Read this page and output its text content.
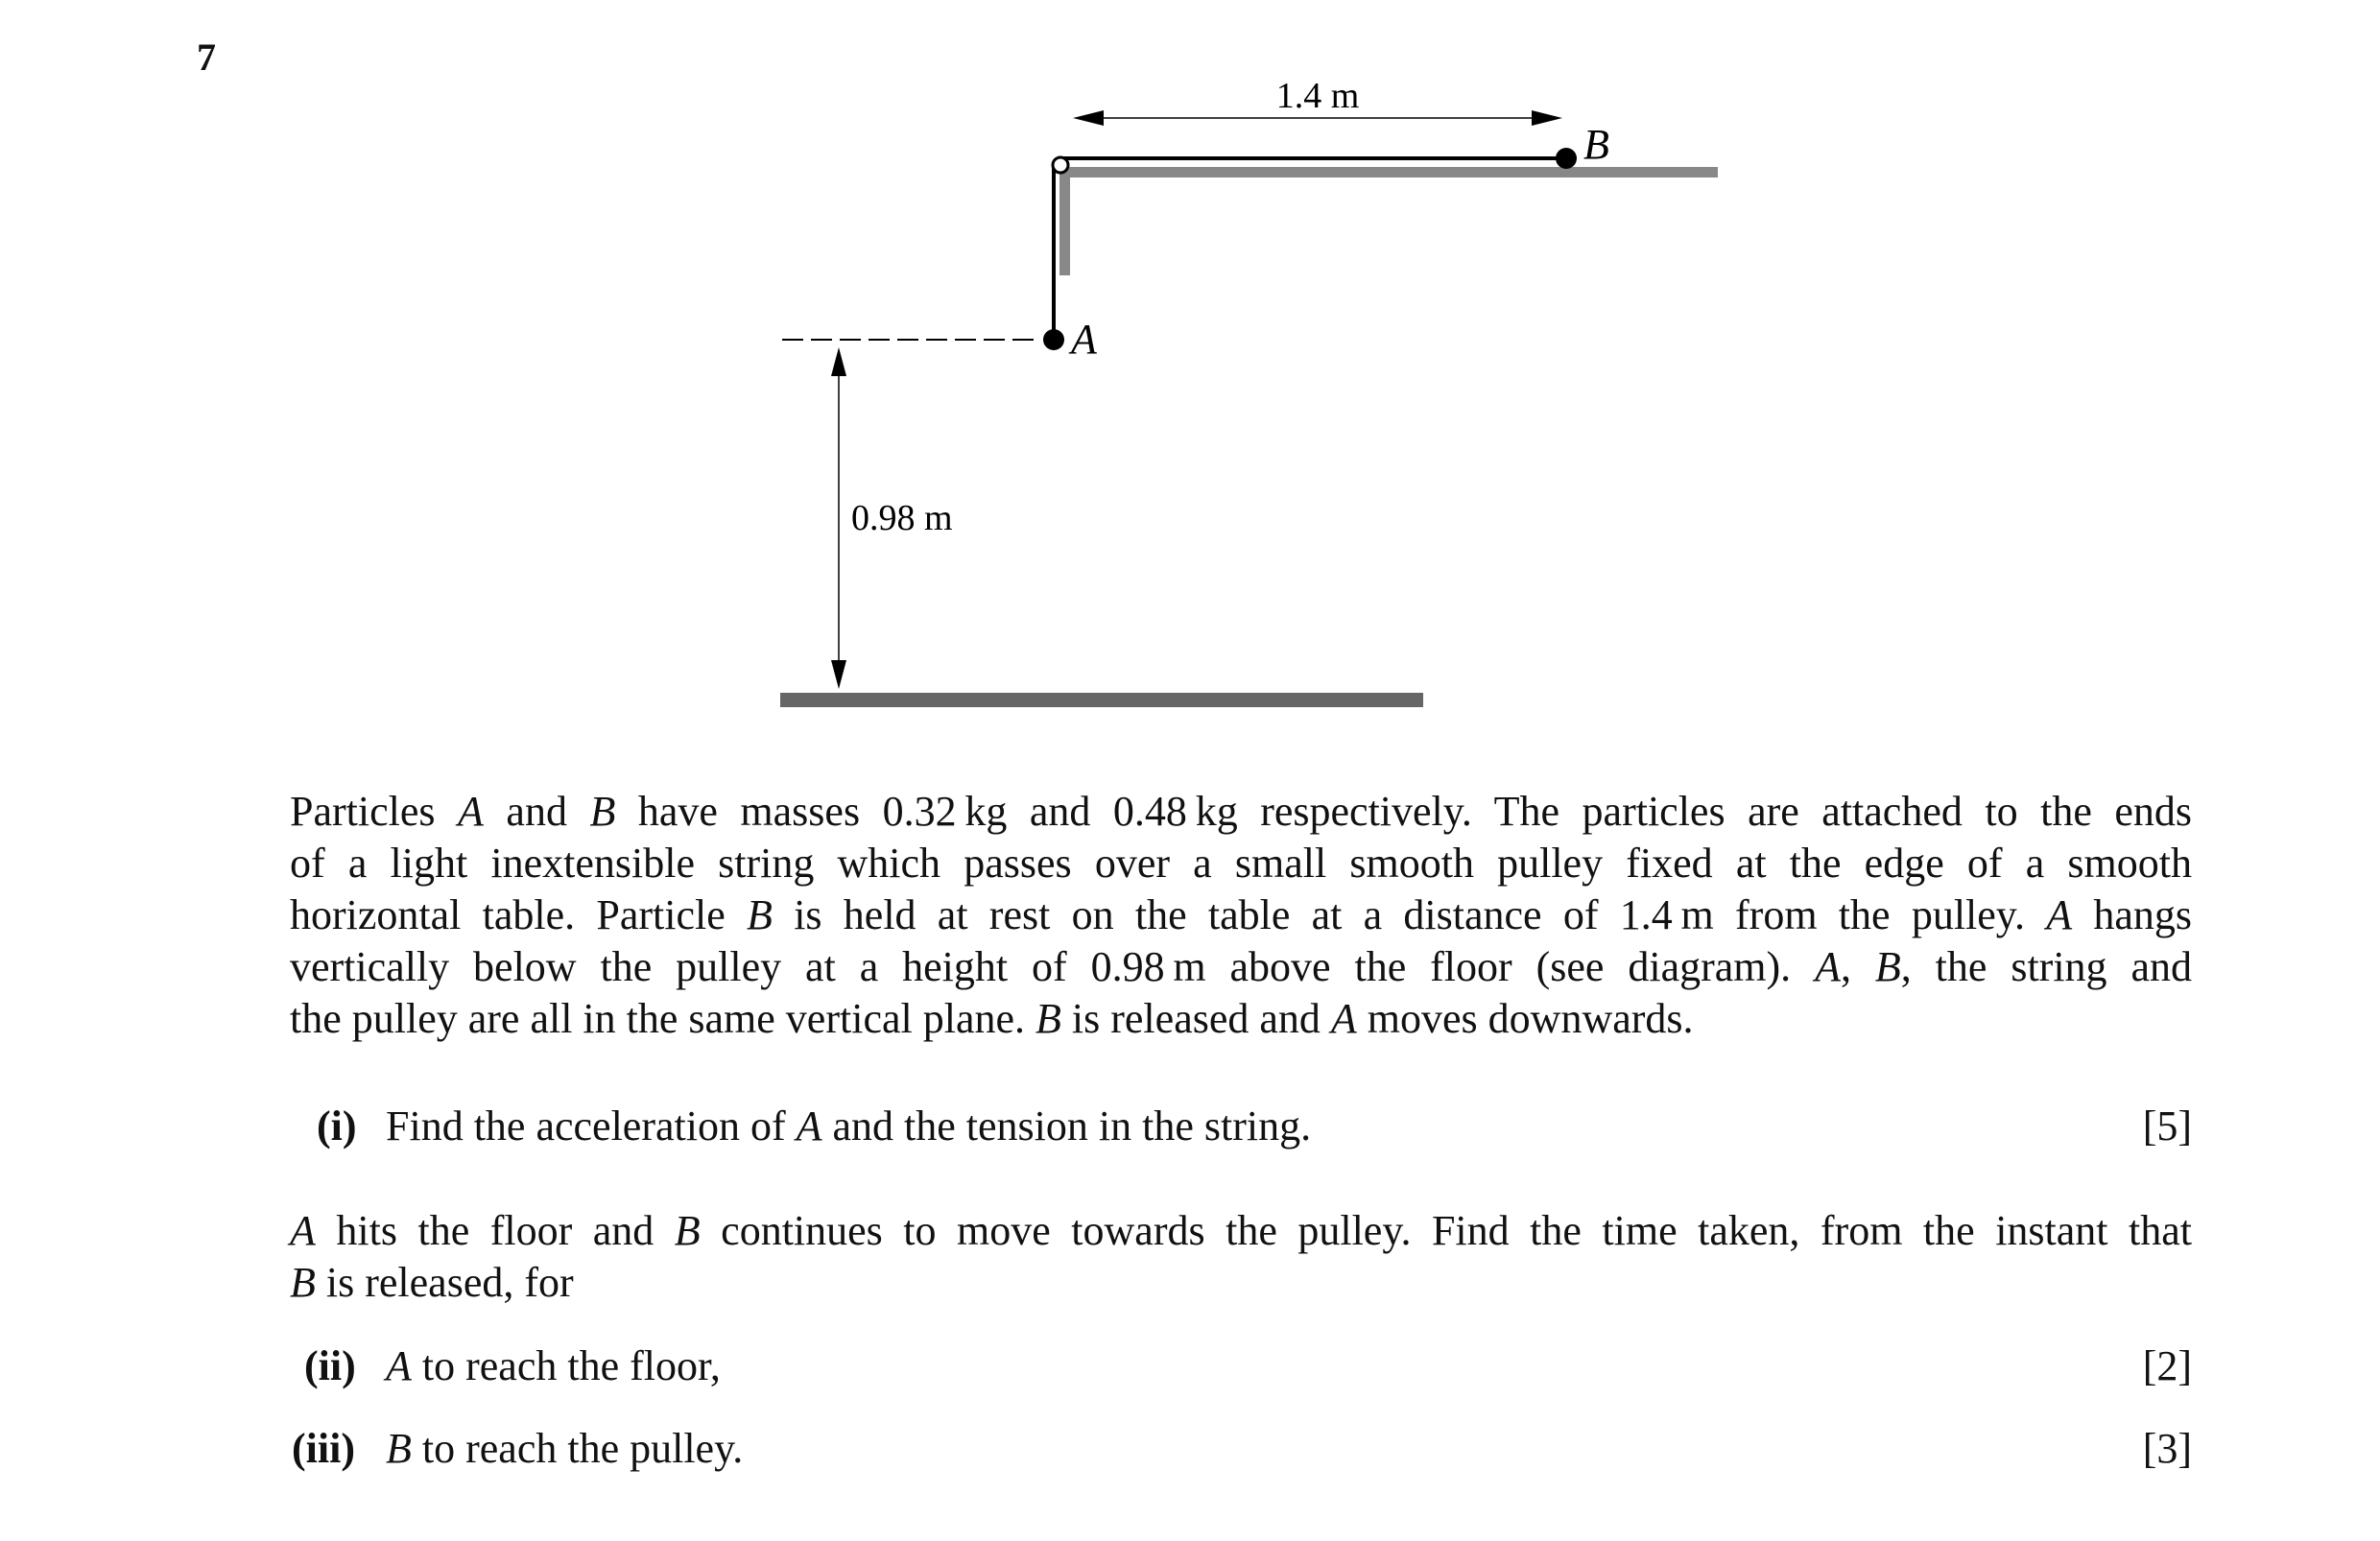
7
B
A
1.4 m
0.98 m
Particles A and B have masses 0.32 kg and 0.48 kg respectively. The particles are attached to the ends
of a light inextensible string which passes over a small smooth pulley fixed at the edge of a smooth
horizontal table. Particle B is held at rest on the table at a distance of 1.4 m from the pulley. A hangs
vertically below the pulley at a height of 0.98 m above the floor (see diagram). A, B, the string and
the pulley are all in the same vertical plane. B is released and A moves downwards.
(i) Find the acceleration of A and the tension in the string.	[5]
A hits the floor and B continues to move towards the pulley. Find the time taken, from the instant that
B is released, for
(ii) A to reach the floor,	[2]
(iii) B to reach the pulley.	[3]
